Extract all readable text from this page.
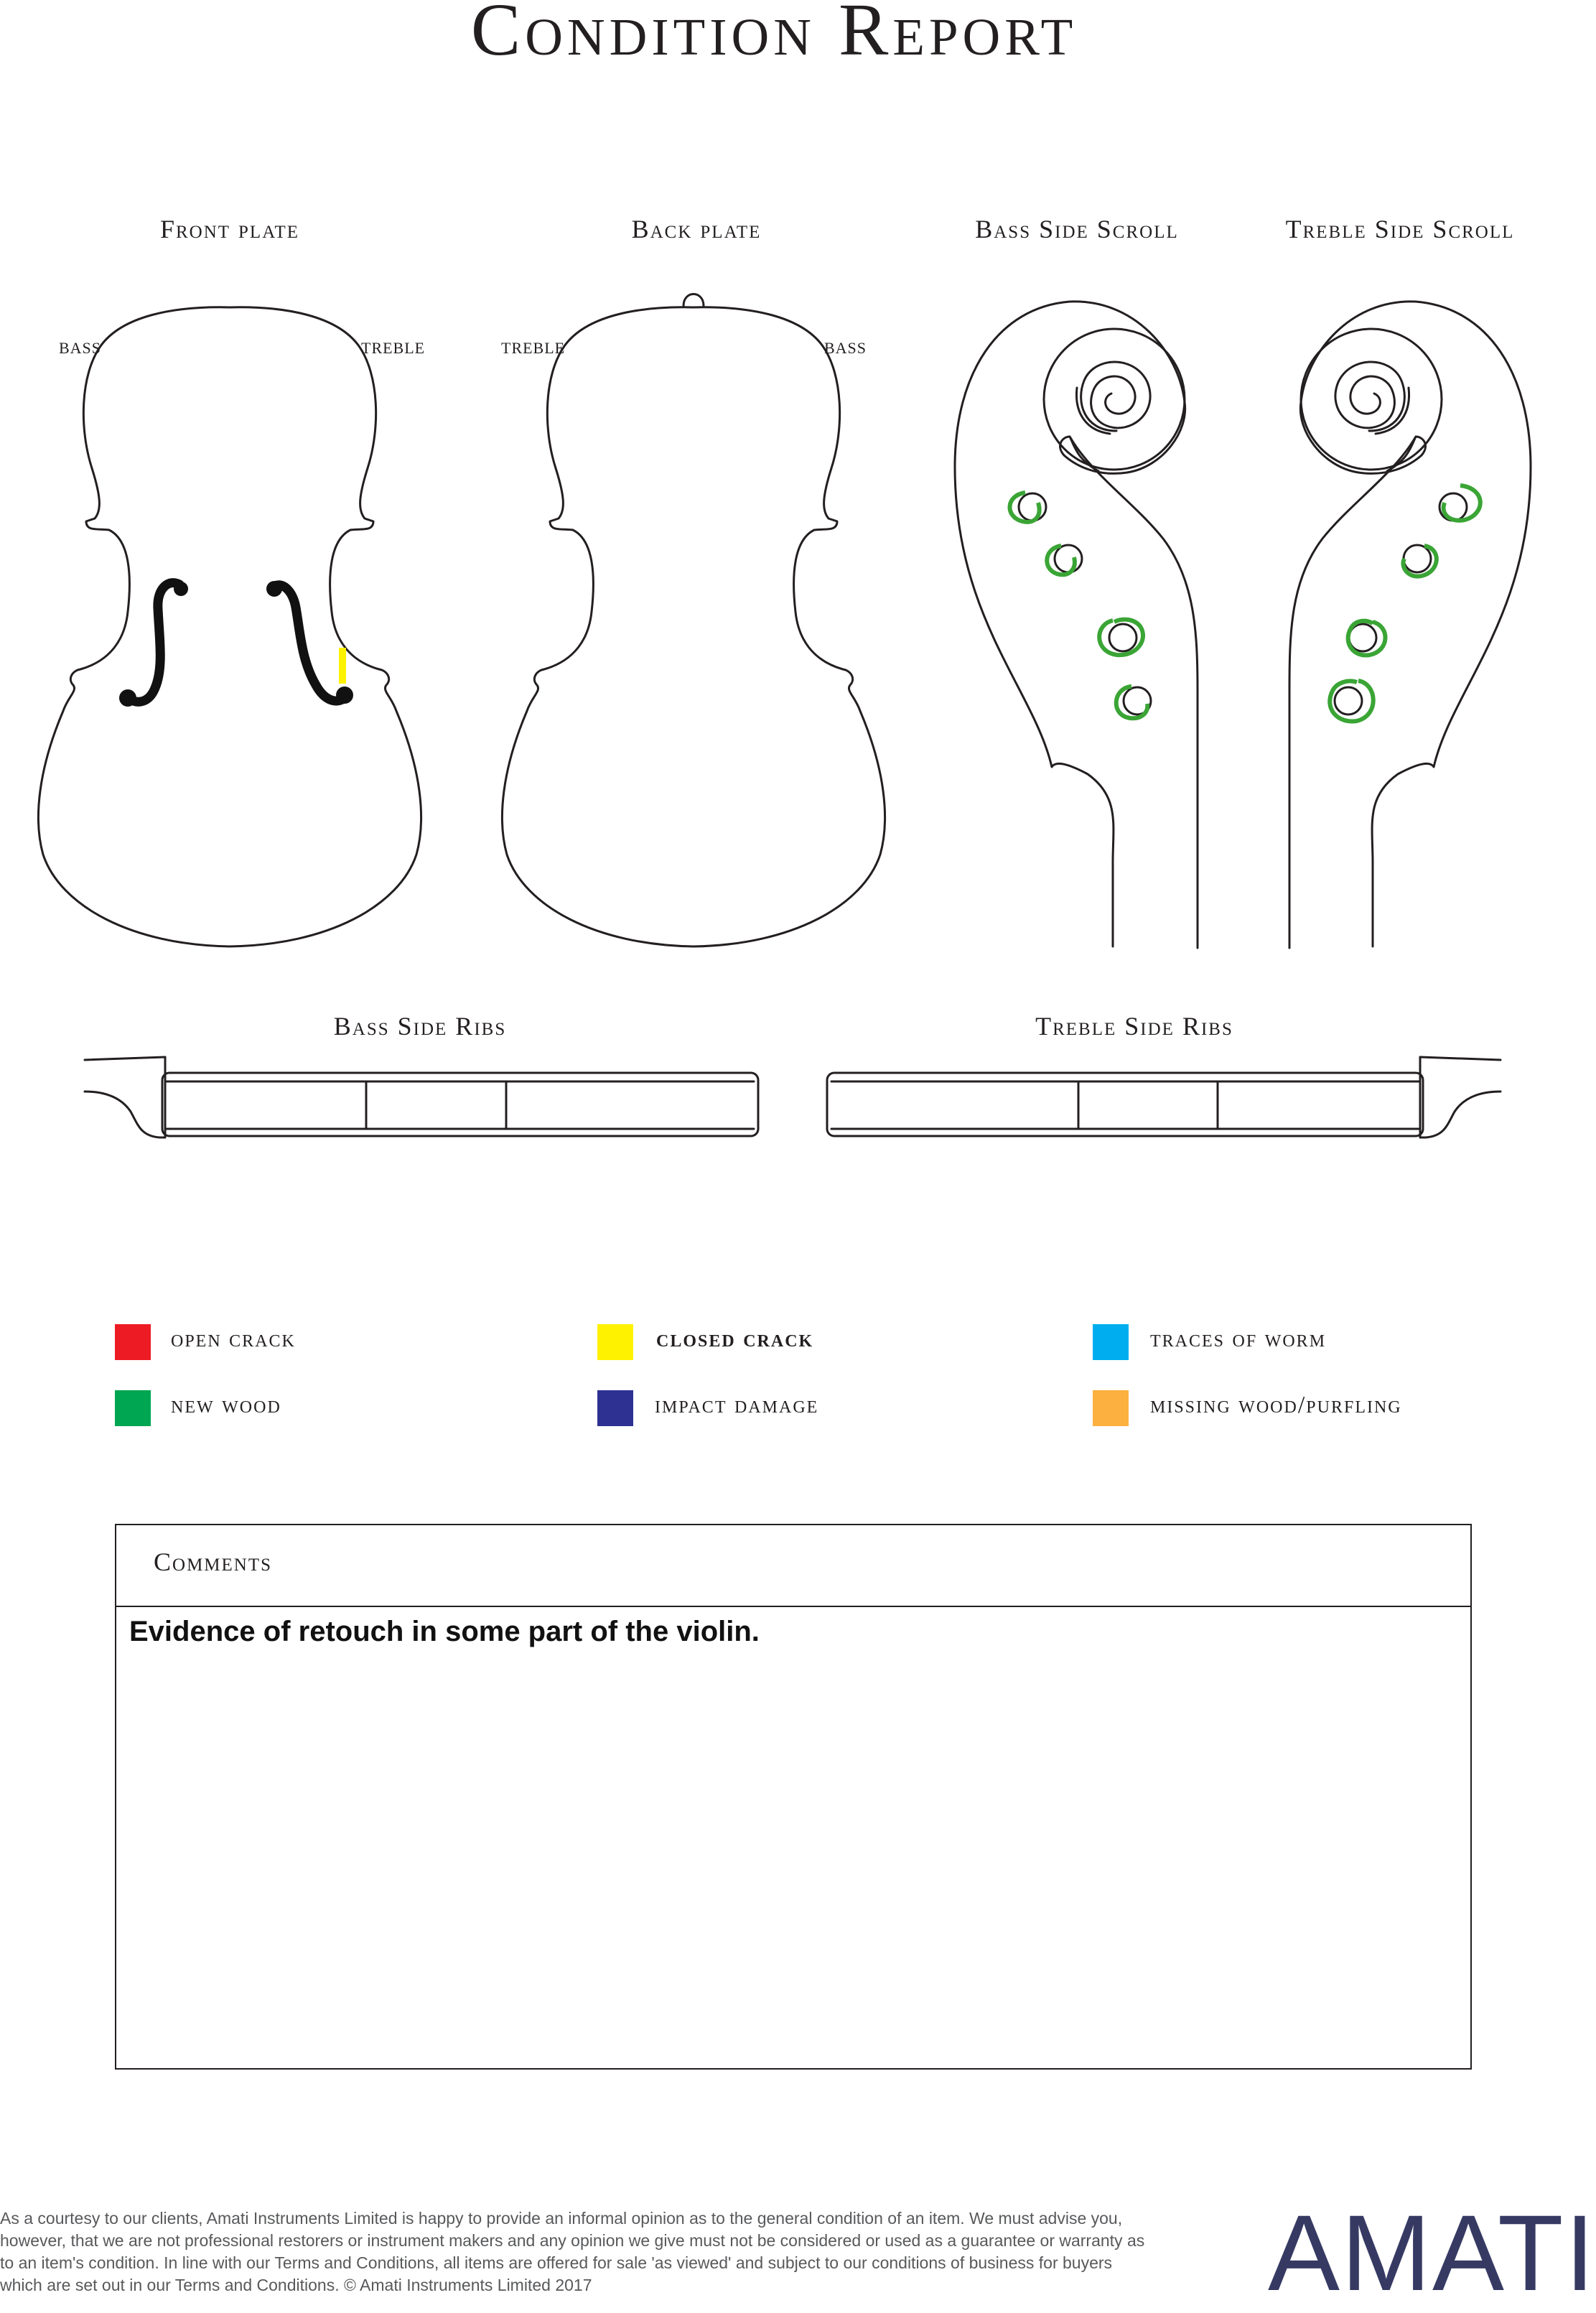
Condition Report
Front plate	Back plate	Bass Side Scroll	Treble Side Scroll
Bass Side Ribs	Treble Side Ribs
BASS	TREBLE	TREBLE	BASS
open crack	closed crack	traces of worm
new wood	impact damage	missing wood/purfling
Comments
Evidence of retouch in some part of the violin.
As a courtesy to our clients, Amati Instruments Limited is happy to provide an informal opinion as to the general condition of an item. We must advise you, however, that we are not professional restorers or instrument makers and any opinion we give must not be considered or used as a guarantee or warranty as to an item's condition. In line with our Terms and Conditions, all items are offered for sale 'as viewed' and subject to our conditions of business for buyers which are set out in our Terms and Conditions. © Amati Instruments Limited 2017	AMATI
